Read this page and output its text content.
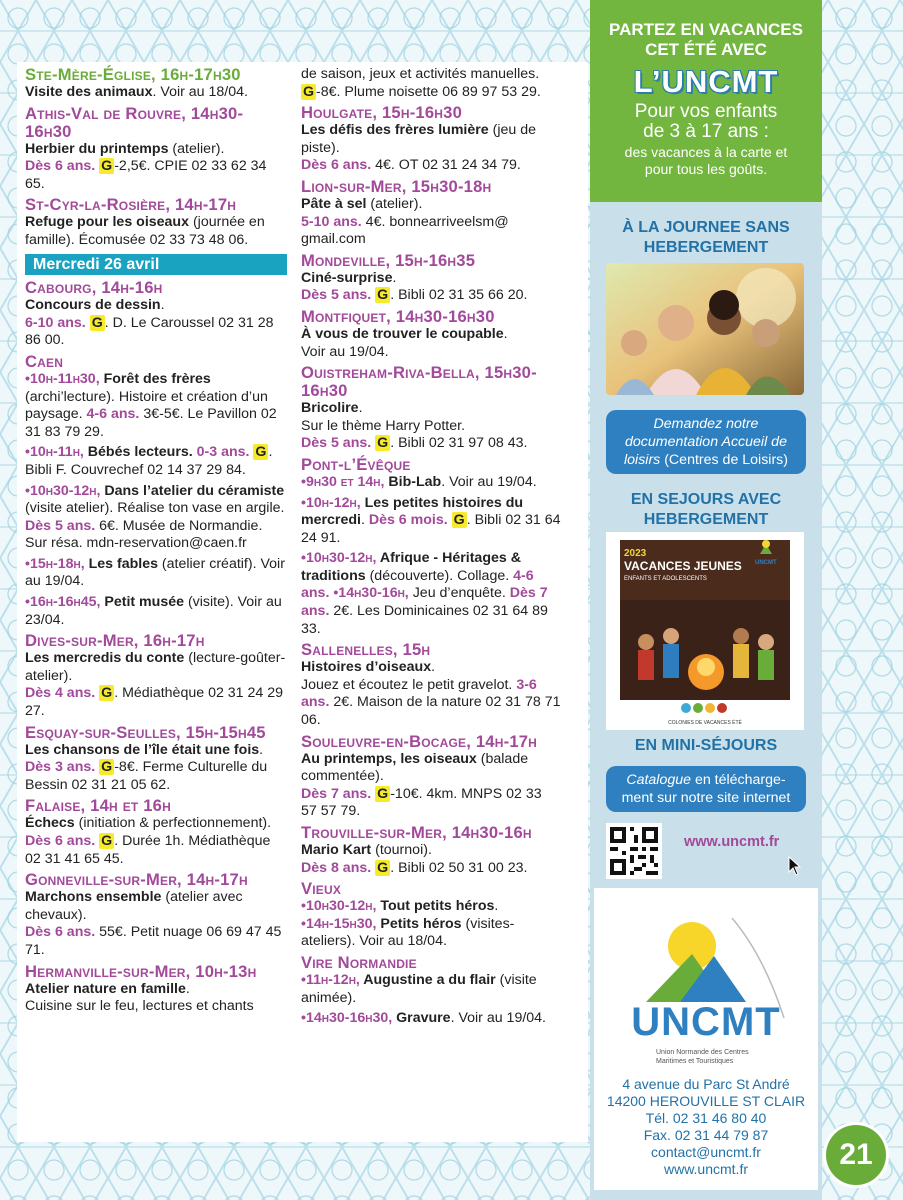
Ste-Mère-Église, 16h-17h30
Visite des animaux. Voir au 18/04.
Athis-Val de Rouvre, 14h30-16h30
Herbier du printemps (atelier).
Dès 6 ans. G -2,5€. CPIE 02 33 62 34 65.
St-Cyr-la-Rosière, 14h-17h
Refuge pour les oiseaux (journée en famille). Écomusée 02 33 73 48 06.
Mercredi 26 avril
Cabourg, 14h-16h
Concours de dessin.
6-10 ans. G . D. Le Caroussel 02 31 28 86 00.
Caen
•10h-11h30, Forêt des frères (archi’lecture). Histoire et création d’un paysage. 4-6 ans. 3€-5€. Le Pavillon 02 31 83 79 29.
•10h-11h, Bébés lecteurs. 0-3 ans. G . Bibli F. Couvrechef 02 14 37 29 84.
•10h30-12h, Dans l’atelier du céramiste (visite atelier). Réalise ton vase en argile. Dès 5 ans. 6€. Musée de Normandie. Sur résa. mdn-reservation@caen.fr
•15h-18h, Les fables (atelier créatif). Voir au 19/04.
•16h-16h45, Petit musée (visite). Voir au 23/04.
Dives-sur-Mer, 16h-17h
Les mercredis du conte (lecture-goûter-atelier).
Dès 4 ans. G . Médiathèque 02 31 24 29 27.
Esquay-sur-Seulles, 15h-15h45
Les chansons de l’île était une fois.
Dès 3 ans. G -8€. Ferme Culturelle du Bessin 02 31 21 05 62.
Falaise, 14h et 16h
Échecs (initiation & perfectionnement).
Dès 6 ans. G . Durée 1h. Médiathèque 02 31 41 65 45.
Gonneville-sur-Mer, 14h-17h
Marchons ensemble (atelier avec chevaux).
Dès 6 ans. 55€. Petit nuage 06 69 47 45 71.
Hermanville-sur-Mer, 10h-13h
Atelier nature en famille.
Cuisine sur le feu, lectures et chants
de saison, jeux et activités manuelles. G -8€. Plume noisette 06 89 97 53 29.
Houlgate, 15h-16h30
Les défis des frères lumière (jeu de piste).
Dès 6 ans. 4€. OT 02 31 24 34 79.
Lion-sur-Mer, 15h30-18h
Pâte à sel (atelier).
5-10 ans. 4€. bonnearriveelsm@ gmail.com
Mondeville, 15h-16h35
Ciné-surprise.
Dès 5 ans. G . Bibli 02 31 35 66 20.
Montfiquet, 14h30-16h30
À vous de trouver le coupable.
Voir au 19/04.
Ouistreham-Riva-Bella, 15h30-16h30
Bricolire.
Sur le thème Harry Potter.
Dès 5 ans. G . Bibli 02 31 97 08 43.
Pont-l’Évêque
•9h30 et 14h, Bib-Lab. Voir au 19/04.
•10h-12h, Les petites histoires du mercredi. Dès 6 mois. G . Bibli 02 31 64 24 91.
•10h30-12h, Afrique - Héritages & traditions (découverte). Collage. 4-6 ans. •14h30-16h, Jeu d’enquête. Dès 7 ans. 2€. Les Dominicaines 02 31 64 89 33.
Sallenelles, 15h
Histoires d’oiseaux.
Jouez et écoutez le petit gravelot. 3-6 ans. 2€. Maison de la nature 02 31 78 71 06.
Souleuvre-en-Bocage, 14h-17h
Au printemps, les oiseaux (balade commentée).
Dès 7 ans. G -10€. 4km. MNPS 02 33 57 57 79.
Trouville-sur-Mer, 14h30-16h
Mario Kart (tournoi).
Dès 8 ans. G . Bibli 02 50 31 00 23.
Vieux
•10h30-12h, Tout petits héros.
•14h-15h30, Petits héros (visites-ateliers). Voir au 18/04.
Vire Normandie
•11h-12h, Augustine a du flair (visite animée).
•14h30-16h30, Gravure. Voir au 19/04.
PARTEZ EN VACANCES
CET ÉTÉ AVEC
L’UNCMT
Pour vos enfants
de 3 à 17 ans :
des vacances à la carte et
pour tous les goûts.
À LA JOURNEE SANS
HEBERGEMENT
Demandez notre
documentation Accueil de
loisirs (Centres de Loisirs)
EN SEJOURS AVEC
HEBERGEMENT
2023
VACANCES JEUNES
ENFANTS ET ADOLESCENTS
UNCMT
COLONIES DE VACANCES ÉTÉ
EN MINI-SÉJOURS
Catalogue en télécharge-
ment sur notre site internet
www.uncmt.fr
UNCMT
Union Normande des Centres
Maritimes et Touristiques
4 avenue du Parc St André
14200 HEROUVILLE ST CLAIR
Tél. 02 31 46 80 40
Fax. 02 31 44 79 87
contact@uncmt.fr
www.uncmt.fr	21
